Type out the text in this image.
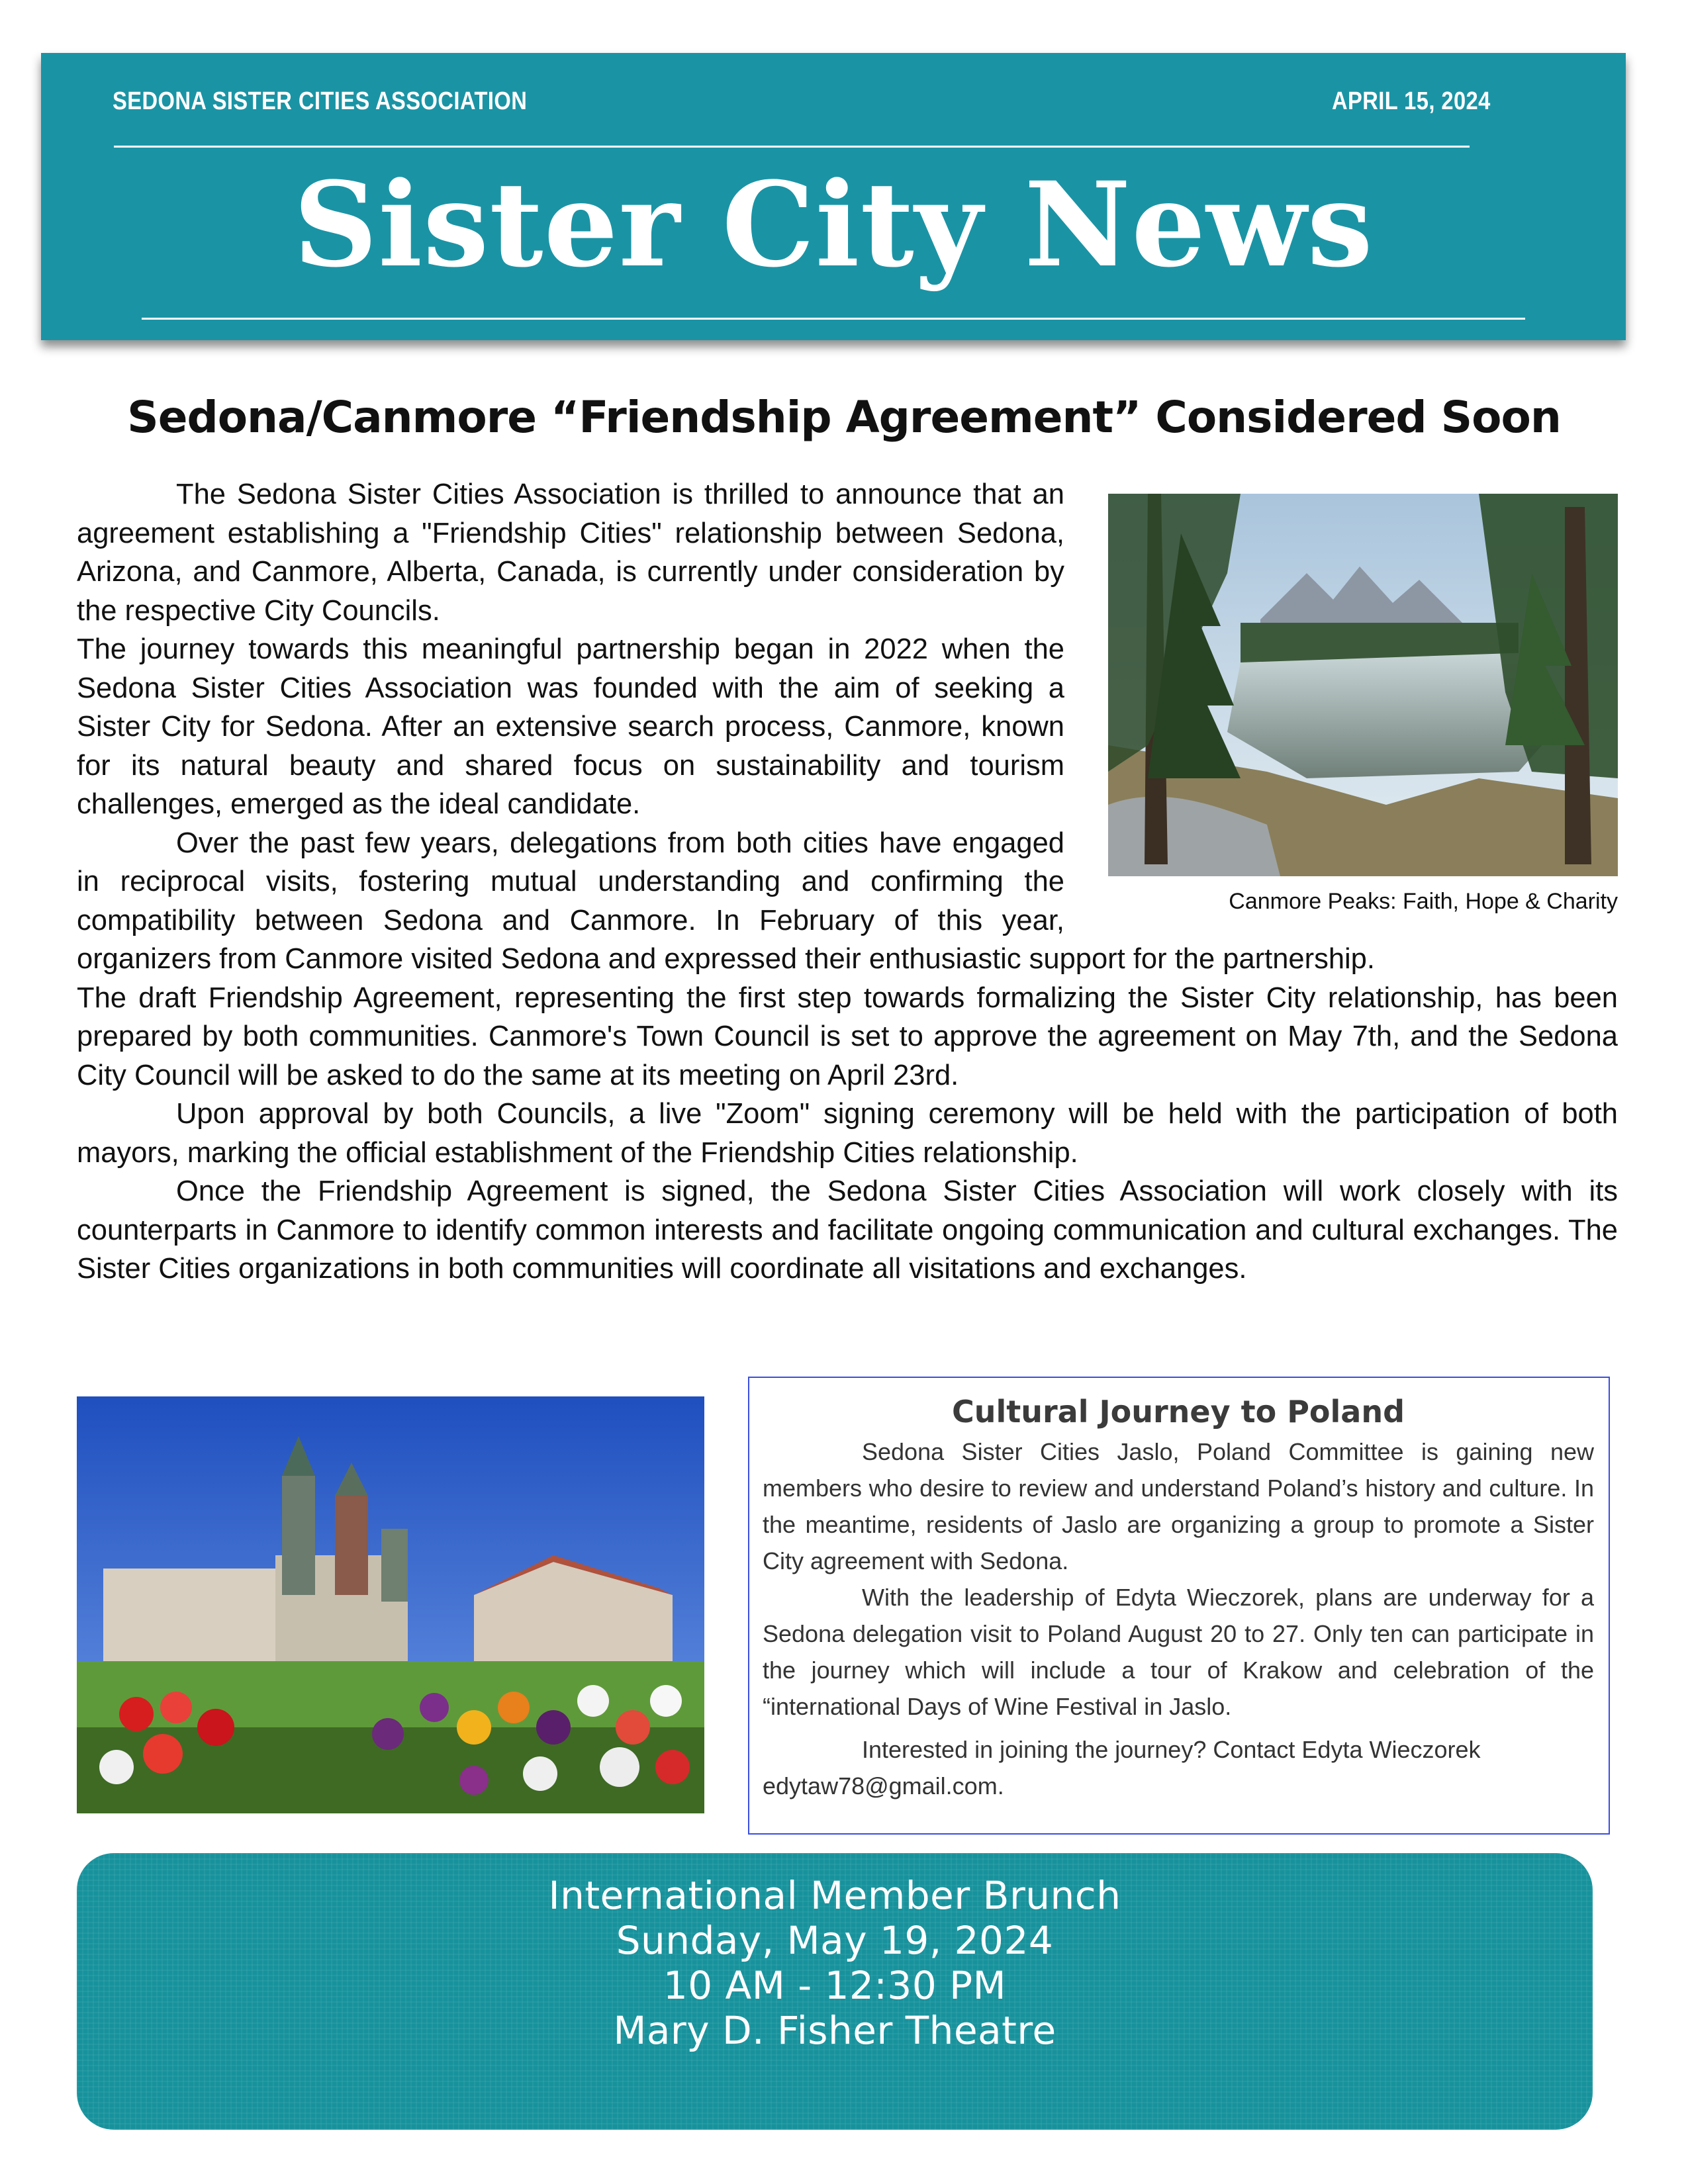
SEDONA SISTER CITIES ASSOCIATION	APRIL 15, 2024
Sister City News
Sedona/Canmore “Friendship Agreement” Considered Soon
Canmore Peaks: Faith, Hope & Charity

The Sedona Sister Cities Association is thrilled to announce that an agreement establishing a "Friendship Cities" relationship between Sedona, Arizona, and Canmore, Alberta, Canada, is currently under consideration by the respective City Councils.

The journey towards this meaningful partnership began in 2022 when the Sedona Sister Cities Association was founded with the aim of seeking a Sister City for Sedona. After an extensive search process, Canmore, known for its natural beauty and shared focus on sustainability and tourism challenges, emerged as the ideal candidate.

Over the past few years, delegations from both cities have engaged in reciprocal visits, fostering mutual understanding and confirming the compatibility between Sedona and Canmore. In February of this year, organizers from Canmore visited Sedona and expressed their enthusiastic support for the partnership.

The draft Friendship Agreement, representing the first step towards formalizing the Sister City relationship, has been prepared by both communities. Canmore's Town Council is set to approve the agreement on May 7th, and the Sedona City Council will be asked to do the same at its meeting on April 23rd.

Upon approval by both Councils, a live "Zoom" signing ceremony will be held with the participation of both mayors, marking the official establishment of the Friendship Cities relationship.

Once the Friendship Agreement is signed, the Sedona Sister Cities Association will work closely with its counterparts in Canmore to identify common interests and facilitate ongoing communication and cultural exchanges. The Sister Cities organizations in both communities will coordinate all visitations and exchanges.

Cultural Journey to Poland

Sedona Sister Cities Jaslo, Poland Committee is gaining new members who desire to review and understand Poland’s history and culture. In the meantime, residents of Jaslo are organizing a group to promote a Sister City agreement with Sedona.

With the leadership of Edyta Wieczorek, plans are underway for a Sedona delegation visit to Poland August 20 to 27. Only ten can participate in the journey which will include a tour of Krakow and celebration of the “international Days of Wine Festival in Jaslo.

Interested in joining the journey? Contact Edyta Wieczorek

edytaw78@gmail.com.

International Member Brunch
Sunday, May 19, 2024
10 AM - 12:30 PM
Mary D. Fisher Theatre
